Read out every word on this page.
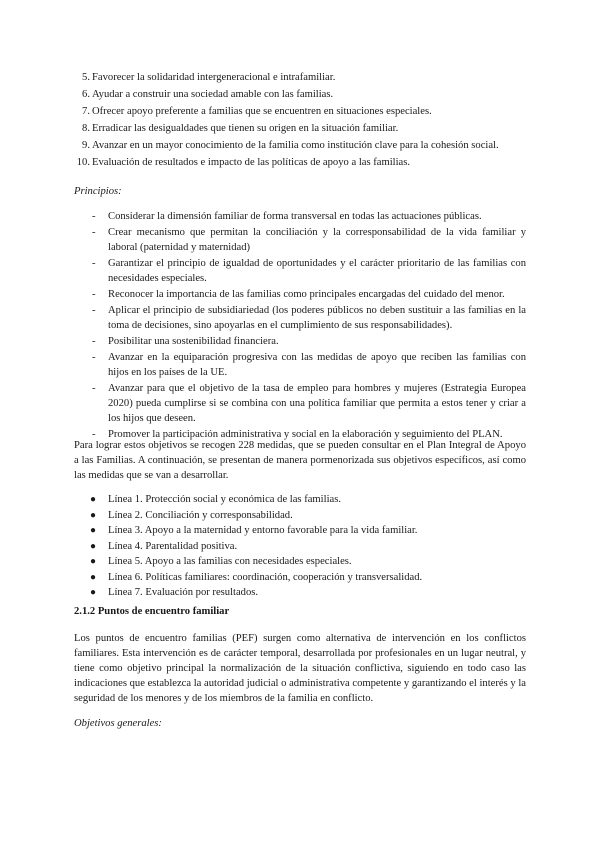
5. Favorecer la solidaridad intergeneracional e intrafamiliar.
6. Ayudar a construir una sociedad amable con las familias.
7. Ofrecer apoyo preferente a familias que se encuentren en situaciones especiales.
8. Erradicar las desigualdades que tienen su origen en la situación familiar.
9. Avanzar en un mayor conocimiento de la familia como institución clave para la cohesión social.
10. Evaluación de resultados e impacto de las políticas de apoyo a las familias.
Principios:
- Considerar la dimensión familiar de forma transversal en todas las actuaciones públicas.
- Crear mecanismo que permitan la conciliación y la corresponsabilidad de la vida familiar y laboral (paternidad y maternidad)
- Garantizar el principio de igualdad de oportunidades y el carácter prioritario de las familias con necesidades especiales.
- Reconocer la importancia de las familias como principales encargadas del cuidado del menor.
- Aplicar el principio de subsidiariedad (los poderes públicos no deben sustituir a las familias en la toma de decisiones, sino apoyarlas en el cumplimiento de sus responsabilidades).
- Posibilitar una sostenibilidad financiera.
- Avanzar en la equiparación progresiva con las medidas de apoyo que reciben las familias con hijos en los países de la UE.
- Avanzar para que el objetivo de la tasa de empleo para hombres y mujeres (Estrategia Europea 2020) pueda cumplirse si se combina con una política familiar que permita a estos tener y criar a los hijos que deseen.
- Promover la participación administrativa y social en la elaboración y seguimiento del PLAN.

Para lograr estos objetivos se recogen 228 medidas, que se pueden consultar en el Plan Integral de Apoyo a las Familias. A continuación, se presentan de manera pormenorizada sus objetivos específicos, así como las medidas que se van a desarrollar.

● Línea 1. Protección social y económica de las familias.
● Línea 2. Conciliación y corresponsabilidad.
● Línea 3. Apoyo a la maternidad y entorno favorable para la vida familiar.
● Línea 4. Parentalidad positiva.
● Línea 5. Apoyo a las familias con necesidades especiales.
● Línea 6. Políticas familiares: coordinación, cooperación y transversalidad.
● Línea 7. Evaluación por resultados.
2.1.2 Puntos de encuentro familiar

Los puntos de encuentro familias (PEF) surgen como alternativa de intervención en los conflictos familiares. Esta intervención es de carácter temporal, desarrollada por profesionales en un lugar neutral, y tiene como objetivo principal la normalización de la situación conflictiva, siguiendo en todo caso las indicaciones que establezca la autoridad judicial o administrativa competente y garantizando el interés y la seguridad de los menores y de los miembros de la familia en conflicto.

Objetivos generales:
